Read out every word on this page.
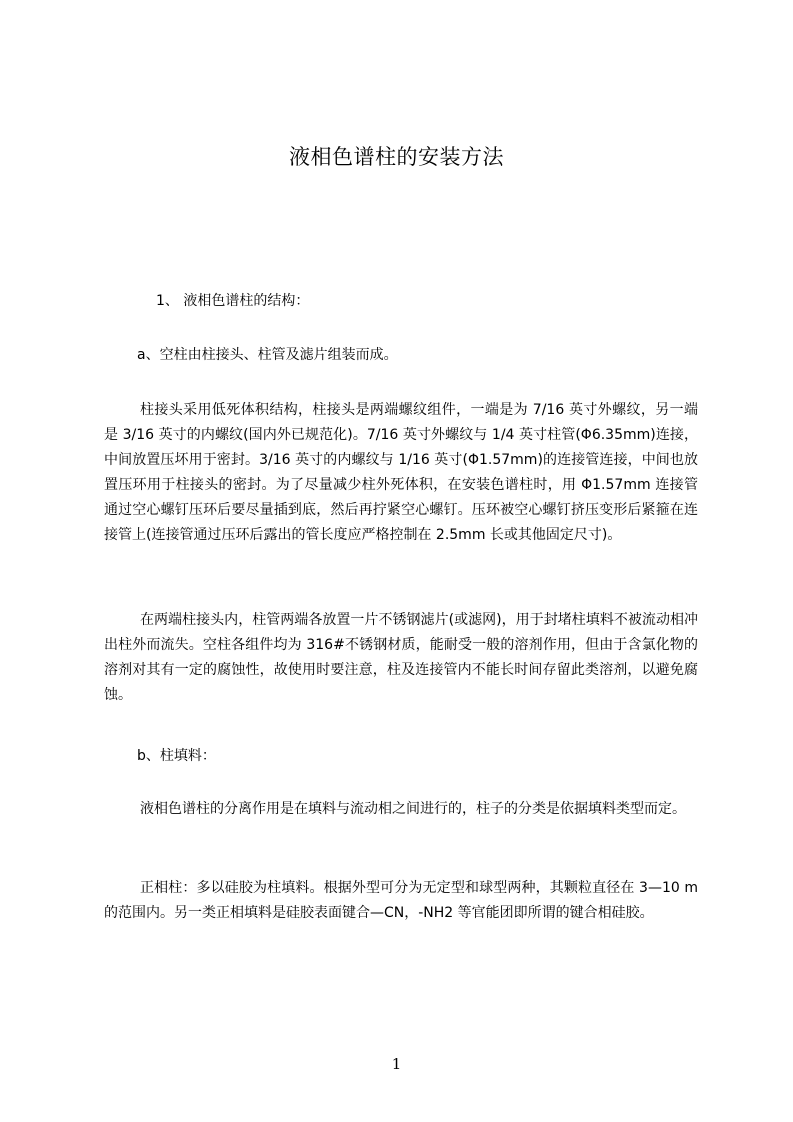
液相色谱柱的安装方法
1、 液相色谱柱的结构：
a、空柱由柱接头、柱管及滤片组装而成。
柱接头采用低死体积结构，柱接头是两端螺纹组件，一端是为 7/16 英寸外螺纹，另一端是 3/16 英寸的内螺纹(国内外已规范化)。7/16 英寸外螺纹与 1/4 英寸柱管(Φ6.35mm)连接，中间放置压坏用于密封。3/16 英寸的内螺纹与 1/16 英寸(Φ1.57mm)的连接管连接，中间也放置压环用于柱接头的密封。为了尽量减少柱外死体积，在安装色谱柱时，用 Φ1.57mm 连接管通过空心螺钉压环后要尽量插到底，然后再拧紧空心螺钉。压环被空心螺钉挤压变形后紧箍在连接管上(连接管通过压环后露出的管长度应严格控制在 2.5mm 长或其他固定尺寸)。
在两端柱接头内，柱管两端各放置一片不锈钢滤片(或滤网)，用于封堵柱填料不被流动相冲出柱外而流失。空柱各组件均为 316#不锈钢材质，能耐受一般的溶剂作用，但由于含氯化物的溶剂对其有一定的腐蚀性，故使用时要注意，柱及连接管内不能长时间存留此类溶剂，以避免腐蚀。
b、柱填料：
液相色谱柱的分离作用是在填料与流动相之间进行的，柱子的分类是依据填料类型而定。
正相柱：多以硅胶为柱填料。根据外型可分为无定型和球型两种，其颗粒直径在 3—10 m 的范围内。另一类正相填料是硅胶表面键合—CN，-NH2 等官能团即所谓的键合相硅胶。
1
